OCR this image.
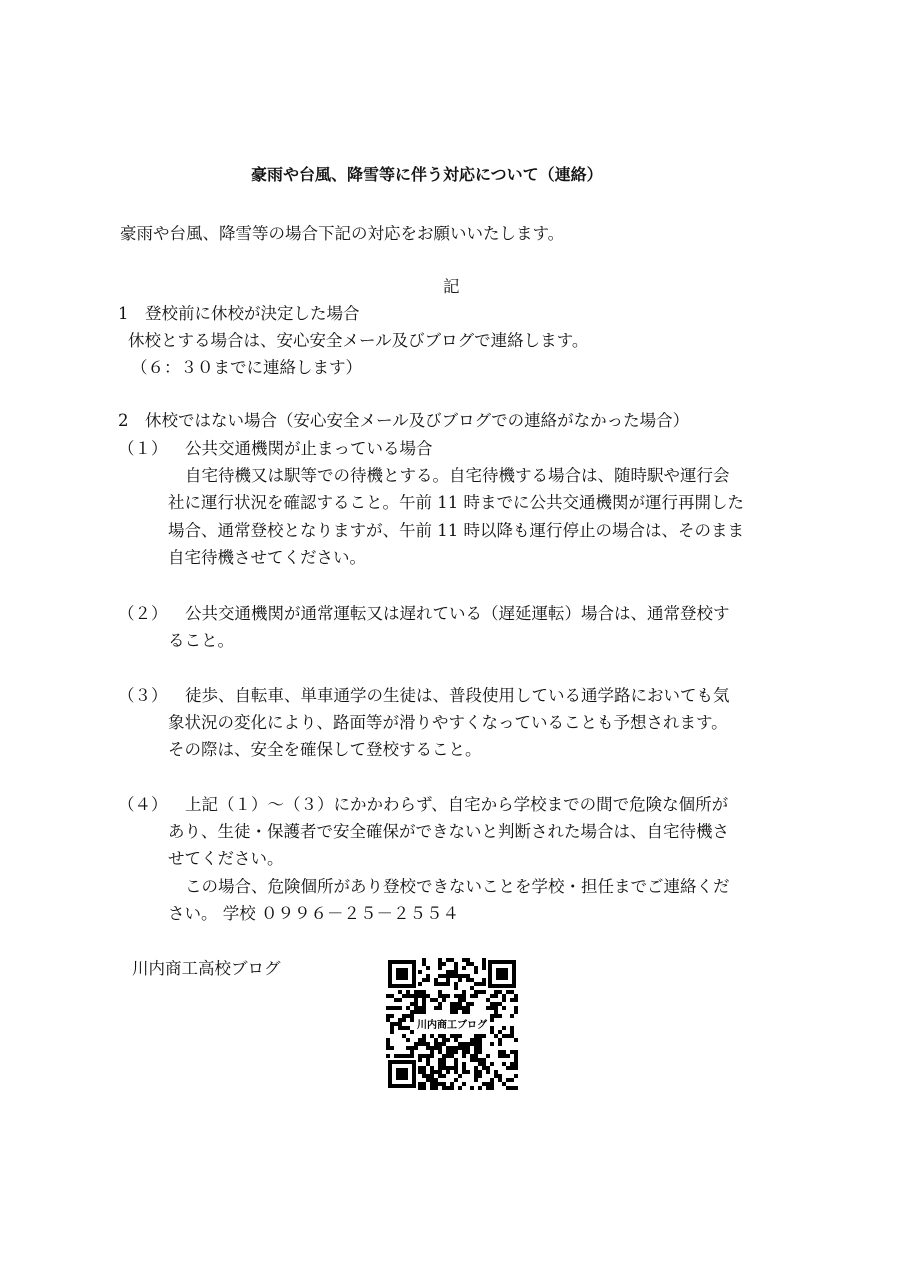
豪雨や台風、降雪等に伴う対応について（連絡）
豪雨や台風、降雪等の場合下記の対応をお願いいたします。
記
1　登校前に休校が決定した場合
休校とする場合は、安心安全メール及びブログで連絡します。
（６：３０までに連絡します）
2　休校ではない場合（安心安全メール及びブログでの連絡がなかった場合）
（１） 公共交通機関が止まっている場合
自宅待機又は駅等での待機とする。自宅待機する場合は、随時駅や運行会
社に運行状況を確認すること。午前 11 時までに公共交通機関が運行再開した
場合、通常登校となりますが、午前 11 時以降も運行停止の場合は、そのまま
自宅待機させてください。
（２） 公共交通機関が通常運転又は遅れている（遅延運転）場合は、通常登校す
ること。
（３） 徒歩、自転車、単車通学の生徒は、普段使用している通学路においても気
象状況の変化により、路面等が滑りやすくなっていることも予想されます。
その際は、安全を確保して登校すること。
（４） 上記（１）～（３）にかかわらず、自宅から学校までの間で危険な個所が
あり、生徒・保護者で安全確保ができないと判断された場合は、自宅待機さ
せてください。
この場合、危険個所があり登校できないことを学校・担任までご連絡くだ
さい。 学校 ０９９６－２５－２５５４
川内商工高校ブログ
川内商工ブログ
